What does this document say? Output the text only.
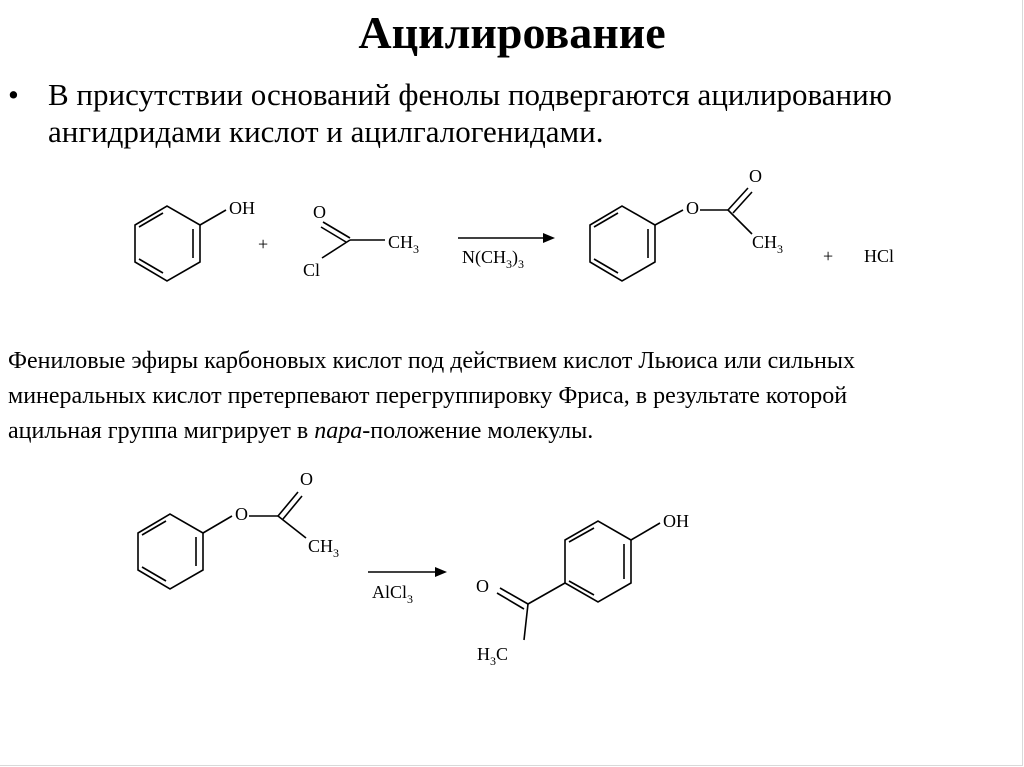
Ацилирование
• В присутствии оснований фенолы подвергаются ацилированию
ангидридами кислот и ацилгалогенидами.
Фениловые эфиры карбоновых кислот под действием кислот Льюиса или сильных
минеральных кислот претерпевают перегруппировку Фриса, в результате которой
ацильная группа мигрирует в пара-положение молекулы.
OH
+
O
Cl
$CH_3$ $N(CH_3)_3$
O
O
$CH_3$ + HCl
O
O
$CH_3$
AlCl$_3$
OH
O
$H_3C$
